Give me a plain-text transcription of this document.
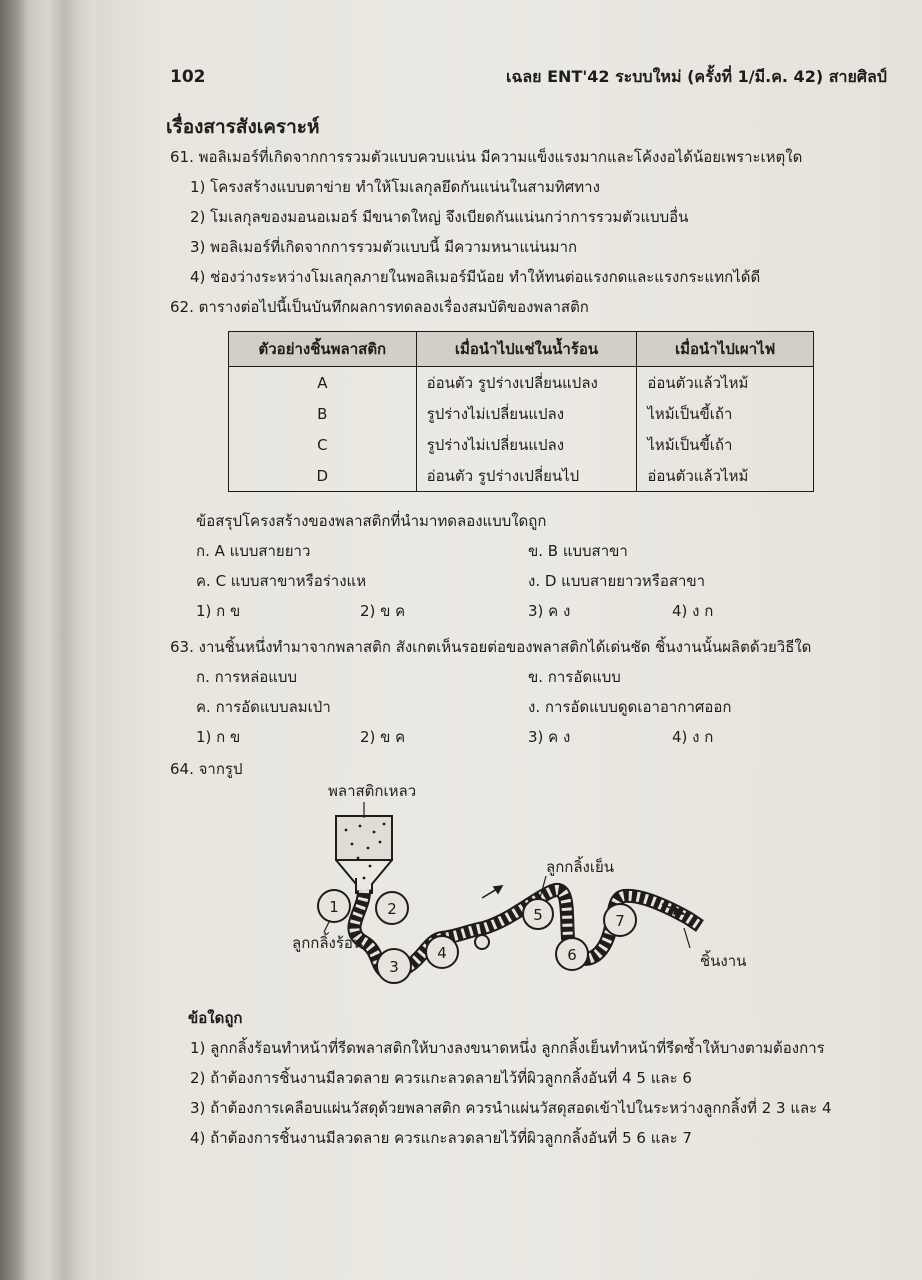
102	เฉลย ENT'42 ระบบใหม่ (ครั้งที่ 1/มี.ค. 42) สายศิลป์
เรื่องสารสังเคราะห์
61. พอลิเมอร์ที่เกิดจากการรวมตัวแบบควบแน่น มีความแข็งแรงมากและโค้งงอได้น้อยเพราะเหตุใด
1) โครงสร้างแบบตาข่าย ทำให้โมเลกุลยึดกันแน่นในสามทิศทาง
2) โมเลกุลของมอนอเมอร์ มีขนาดใหญ่ จึงเบียดกันแน่นกว่าการรวมตัวแบบอื่น
3) พอลิเมอร์ที่เกิดจากการรวมตัวแบบนี้ มีความหนาแน่นมาก
4) ช่องว่างระหว่างโมเลกุลภายในพอลิเมอร์มีน้อย ทำให้ทนต่อแรงกดและแรงกระแทกได้ดี
62. ตารางต่อไปนี้เป็นบันทึกผลการทดลองเรื่องสมบัติของพลาสติก
ตัวอย่างชิ้นพลาสติก	เมื่อนำไปแช่ในน้ำร้อน	เมื่อนำไปเผาไฟ
A	อ่อนตัว รูปร่างเปลี่ยนแปลง	อ่อนตัวแล้วไหม้
B	รูปร่างไม่เปลี่ยนแปลง	ไหม้เป็นขี้เถ้า
C	รูปร่างไม่เปลี่ยนแปลง	ไหม้เป็นขี้เถ้า
D	อ่อนตัว รูปร่างเปลี่ยนไป	อ่อนตัวแล้วไหม้
ข้อสรุปโครงสร้างของพลาสติกที่นำมาทดลองแบบใดถูก
ก. A แบบสายยาว	ข. B แบบสาขา
ค. C แบบสาขาหรือร่างแห	ง. D แบบสายยาวหรือสาขา
1) ก ข	2) ข ค	3) ค ง	4) ง ก
63. งานชิ้นหนึ่งทำมาจากพลาสติก สังเกตเห็นรอยต่อของพลาสติกได้เด่นชัด ชิ้นงานนั้นผลิตด้วยวิธีใด
ก. การหล่อแบบ	ข. การอัดแบบ
ค. การอัดแบบลมเป่า	ง. การอัดแบบดูดเอาอากาศออก
1) ก ข	2) ข ค	3) ค ง	4) ง ก
64. จากรูป
1	2
3
4
5
6
7
พลาสติกเหลว
ลูกกลิ้งเย็น
ลูกกลิ้งร้อน
ชิ้นงาน
ข้อใดถูก
1) ลูกกลิ้งร้อนทำหน้าที่รีดพลาสติกให้บางลงขนาดหนึ่ง ลูกกลิ้งเย็นทำหน้าที่รีดซ้ำให้บางตามต้องการ
2) ถ้าต้องการชิ้นงานมีลวดลาย ควรแกะลวดลายไว้ที่ผิวลูกกลิ้งอันที่ 4 5 และ 6
3) ถ้าต้องการเคลือบแผ่นวัสดุด้วยพลาสติก ควรนำแผ่นวัสดุสอดเข้าไปในระหว่างลูกกลิ้งที่ 2 3 และ 4
4) ถ้าต้องการชิ้นงานมีลวดลาย ควรแกะลวดลายไว้ที่ผิวลูกกลิ้งอันที่ 5 6 และ 7
